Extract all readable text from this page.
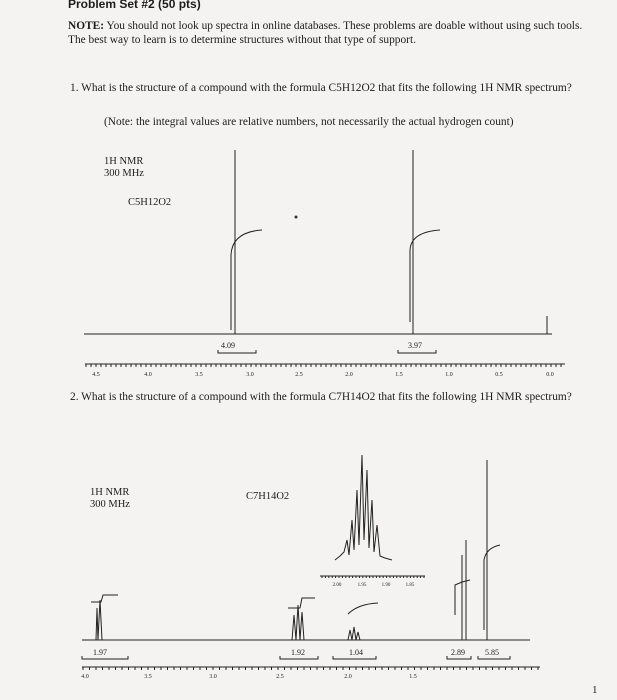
Problem Set #2 (50 pts)
NOTE: You should not look up spectra in online databases. These problems are doable without using such tools. The best way to learn is to determine structures without that type of support.
1. What is the structure of a compound with the formula C5H12O2 that fits the following 1H NMR spectrum?
(Note: the integral values are relative numbers, not necessarily the actual hydrogen count)
1H NMR
300 MHz
C5H12O2
2. What is the structure of a compound with the formula C7H14O2 that fits the following 1H NMR spectrum?
1H NMR
300 MHz
C7H14O2
4.09	3.97
4.5	4.0	3.5	3.0	2.5	2.0	1.5	1.0	0.5	0.0
1.97	1.92	1.04	2.89	5.85
4.0	3.5	3.0	2.5	2.0	1.5
2.00	1.95	1.90	1.85
1
